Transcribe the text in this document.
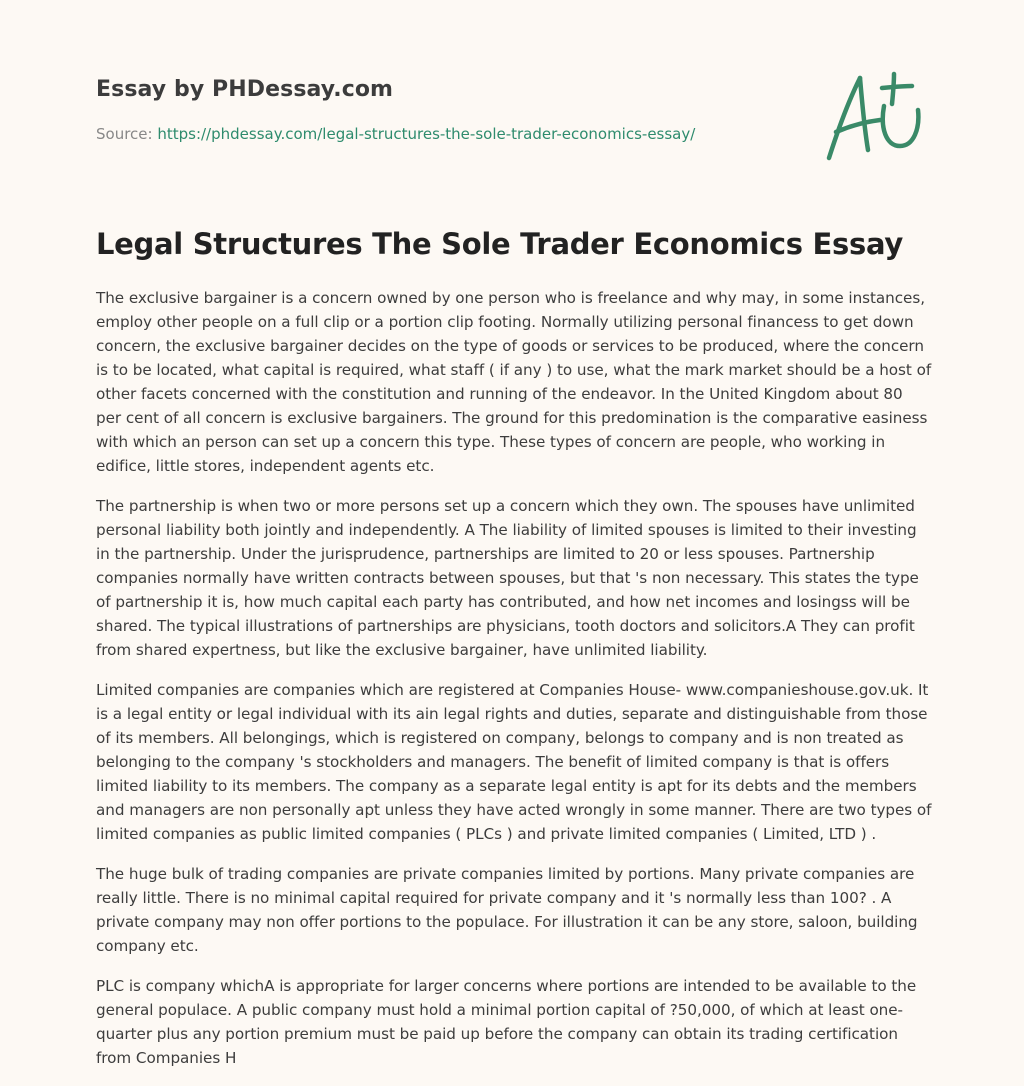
Essay by PHDessay.com
Source: https://phdessay.com/legal-structures-the-sole-trader-economics-essay/
Legal Structures The Sole Trader Economics Essay

The exclusive bargainer is a concern owned by one person who is freelance and why may, in some instances, employ other people on a full clip or a portion clip footing. Normally utilizing personal financess to get down concern, the exclusive bargainer decides on the type of goods or services to be produced, where the concern is to be located, what capital is required, what staff ( if any ) to use, what the mark market should be a host of other facets concerned with the constitution and running of the endeavor. In the United Kingdom about 80 per cent of all concern is exclusive bargainers. The ground for this predomination is the comparative easiness with which an person can set up a concern this type. These types of concern are people, who working in edifice, little stores, independent agents etc.

The partnership is when two or more persons set up a concern which they own. The spouses have unlimited personal liability both jointly and independently. A The liability of limited spouses is limited to their investing in the partnership. Under the jurisprudence, partnerships are limited to 20 or less spouses. Partnership companies normally have written contracts between spouses, but that 's non necessary. This states the type of partnership it is, how much capital each party has contributed, and how net incomes and losingss will be shared. The typical illustrations of partnerships are physicians, tooth doctors and solicitors.A They can profit from shared expertness, but like the exclusive bargainer, have unlimited liability.

Limited companies are companies which are registered at Companies House- www.companieshouse.gov.uk. It is a legal entity or legal individual with its ain legal rights and duties, separate and distinguishable from those of its members. All belongings, which is registered on company, belongs to company and is non treated as belonging to the company 's stockholders and managers. The benefit of limited company is that is offers limited liability to its members. The company as a separate legal entity is apt for its debts and the members and managers are non personally apt unless they have acted wrongly in some manner. There are two types of limited companies as public limited companies ( PLCs ) and private limited companies ( Limited, LTD ) .

The huge bulk of trading companies are private companies limited by portions. Many private companies are really little. There is no minimal capital required for private company and it 's normally less than 100? . A private company may non offer portions to the populace. For illustration it can be any store, saloon, building company etc.

PLC is company whichA is appropriate for larger concerns where portions are intended to be available to the general populace. A public company must hold a minimal portion capital of ?50,000, of which at least one-quarter plus any portion premium must be paid up before the company can obtain its trading certification from Companies H
